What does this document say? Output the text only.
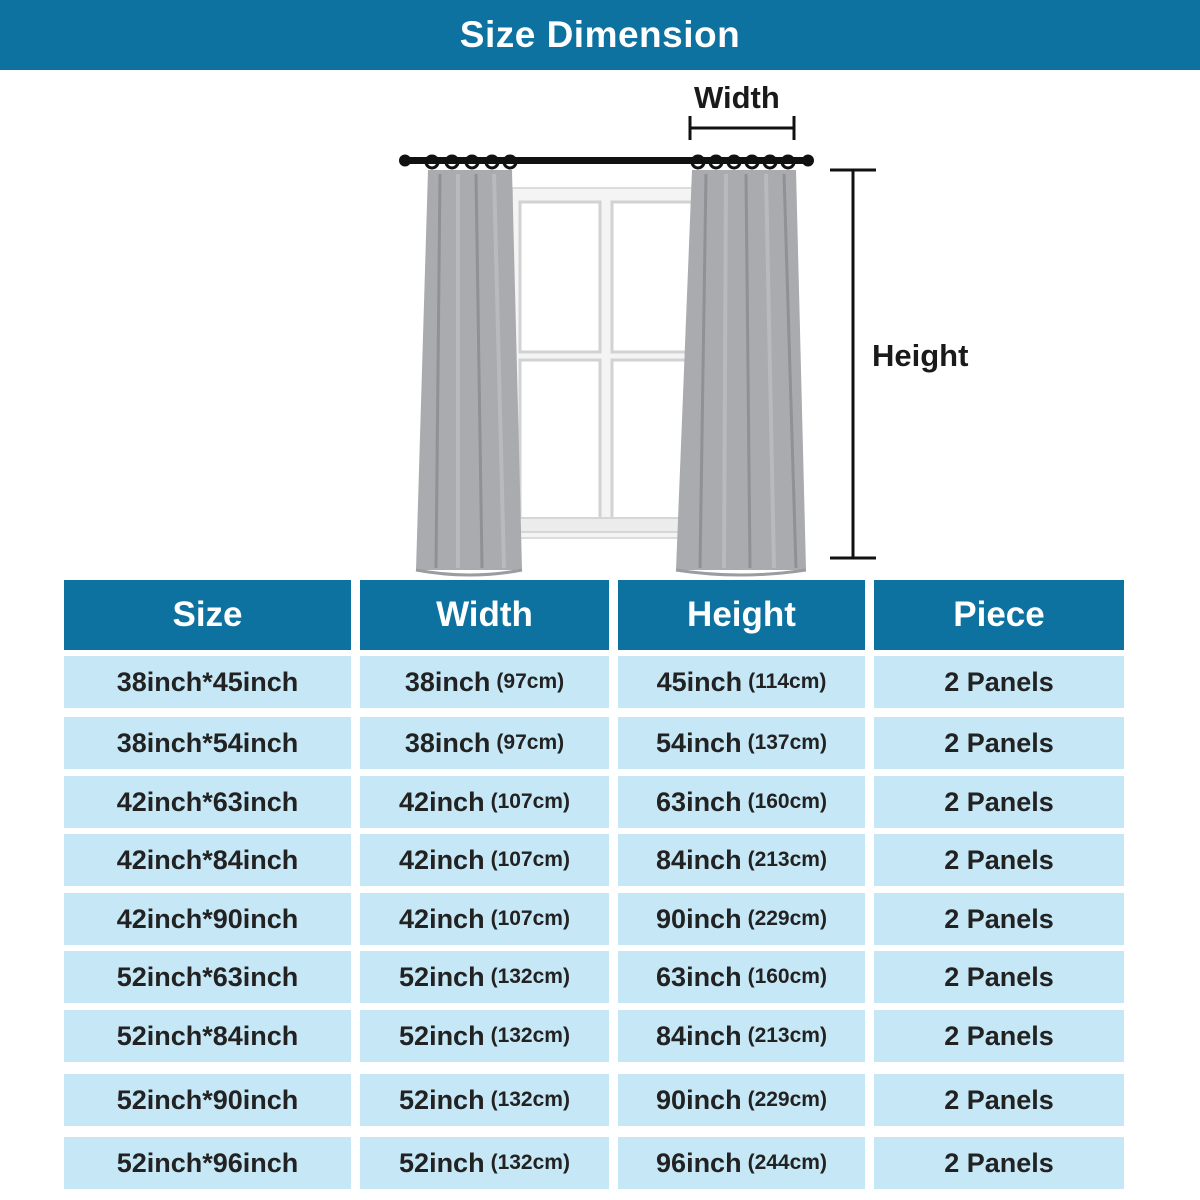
Size Dimension
Width
Height
Size	Width	Height	Piece
38inch*45inch	38inch (97cm)	45inch (114cm)	2 Panels
38inch*54inch	38inch (97cm)	54inch (137cm)	2 Panels
42inch*63inch	42inch (107cm)	63inch (160cm)	2 Panels
42inch*84inch	42inch (107cm)	84inch (213cm)	2 Panels
42inch*90inch	42inch (107cm)	90inch (229cm)	2 Panels
52inch*63inch	52inch (132cm)	63inch (160cm)	2 Panels
52inch*84inch	52inch (132cm)	84inch (213cm)	2 Panels
52inch*90inch	52inch (132cm)	90inch (229cm)	2 Panels
52inch*96inch	52inch (132cm)	96inch (244cm)	2 Panels
